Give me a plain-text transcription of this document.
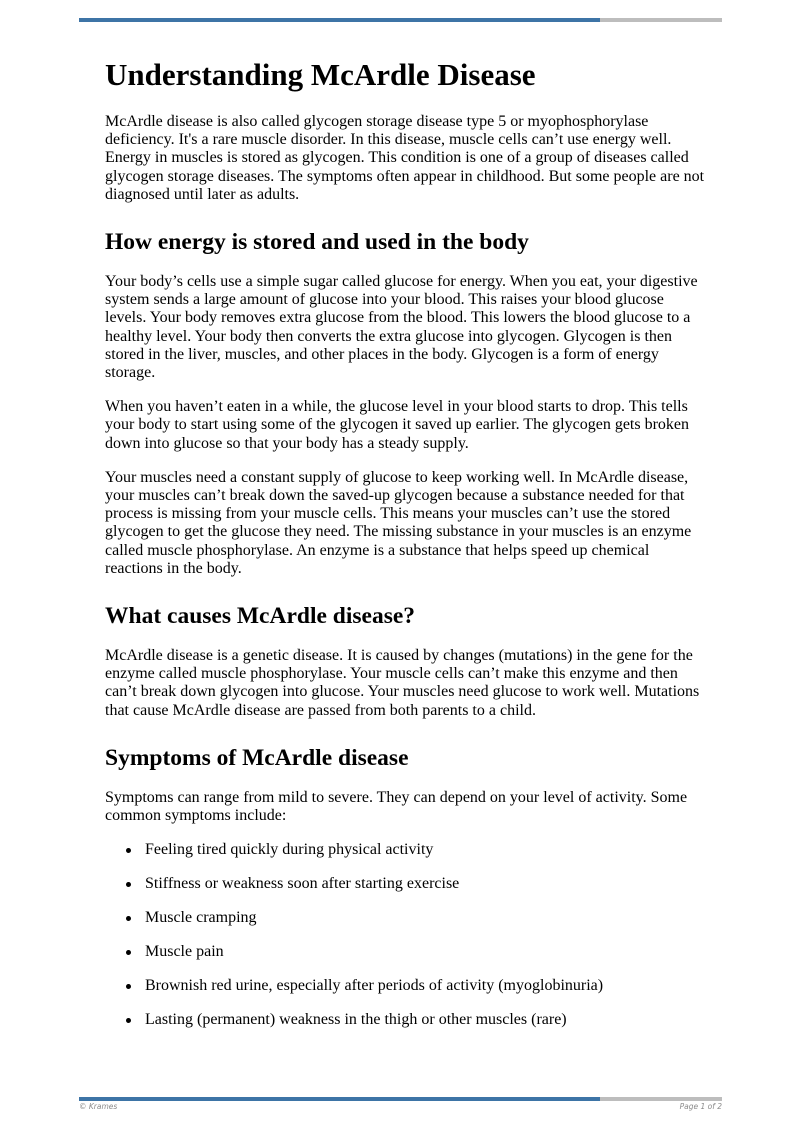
Understanding McArdle Disease

McArdle disease is also called glycogen storage disease type 5 or myophosphorylase deficiency. It's a rare muscle disorder. In this disease, muscle cells can’t use energy well. Energy in muscles is stored as glycogen. This condition is one of a group of diseases called glycogen storage diseases. The symptoms often appear in childhood. But some people are not diagnosed until later as adults.

How energy is stored and used in the body

Your body’s cells use a simple sugar called glucose for energy. When you eat, your digestive system sends a large amount of glucose into your blood. This raises your blood glucose levels. Your body removes extra glucose from the blood. This lowers the blood glucose to a healthy level. Your body then converts the extra glucose into glycogen. Glycogen is then stored in the liver, muscles, and other places in the body. Glycogen is a form of energy storage.

When you haven’t eaten in a while, the glucose level in your blood starts to drop. This tells your body to start using some of the glycogen it saved up earlier. The glycogen gets broken down into glucose so that your body has a steady supply.

Your muscles need a constant supply of glucose to keep working well. In McArdle disease, your muscles can’t break down the saved-up glycogen because a substance needed for that process is missing from your muscle cells. This means your muscles can’t use the stored glycogen to get the glucose they need. The missing substance in your muscles is an enzyme called muscle phosphorylase. An enzyme is a substance that helps speed up chemical reactions in the body.

What causes McArdle disease?

McArdle disease is a genetic disease. It is caused by changes (mutations) in the gene for the enzyme called muscle phosphorylase. Your muscle cells can’t make this enzyme and then can’t break down glycogen into glucose. Your muscles need glucose to work well. Mutations that cause McArdle disease are passed from both parents to a child.

Symptoms of McArdle disease

Symptoms can range from mild to severe. They can depend on your level of activity. Some common symptoms include:

Feeling tired quickly during physical activity
Stiffness or weakness soon after starting exercise
Muscle cramping
Muscle pain
Brownish red urine, especially after periods of activity (myoglobinuria)
Lasting (permanent) weakness in the thigh or other muscles (rare)
© Krames	Page 1 of 2
